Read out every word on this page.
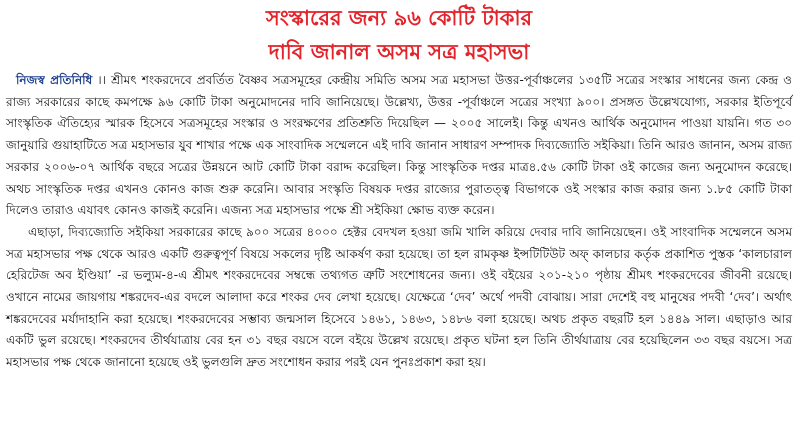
সংস্কারের জন্য ৯৬ কোটি টাকার
দাবি জানাল অসম সত্র মহাসভা

নিজস্ব প্রতিনিধি ।। শ্রীমৎ শংকরদেবে প্রবর্তিত বৈষ্ণব সত্রসমূহের কেন্দ্রীয় সমিতি অসম সত্র মহাসভা উত্তর-পূর্বাঞ্চলের ১৩৫টি সত্রের সংস্কার সাধনের জন্য কেন্দ্র ও রাজ্য সরকারের কাছে কমপক্ষে ৯৬ কোটি টাকা অনুমোদনের দাবি জানিয়েছে। উল্লেখ্য, উত্তর -পূর্বাঞ্চলে সত্রের সংখ্যা ৯০০। প্রসঙ্গত উল্লেখযোগ্য, সরকার ইতিপূর্বে সাংস্কৃতিক ঐতিহ্যের স্মারক হিসেবে সত্রসমূহের সংস্কার ও সংরক্ষণের প্রতিশ্রুতি দিয়েছিল — ২০০৫ সালেই। কিন্তু এখনও আর্থিক অনুমোদন পাওয়া যায়নি। গত ৩০ জানুয়ারি গুয়াহাটিতে সত্র মহাসভার যুব শাখার পক্ষে এক সাংবাদিক সম্মেলনে এই দাবি জানান সাধারণ সম্পাদক দিব্যজ্যোতি সইকিয়া। তিনি আরও জানান, অসম রাজ্য সরকার ২০০৬-০৭ আর্থিক বছরে সত্রের উন্নয়নে আট কোটি টাকা বরাদ্দ করেছিল। কিন্তু সাংস্কৃতিক দপ্তর মাত্র৪.৫৬ কোটি টাকা ওই কাজের জন্য অনুমোদন করেছে। অথচ সাংস্কৃতিক দপ্তর এখনও কোনও কাজ শুরু করেনি। আবার সংস্কৃতি বিষয়ক দপ্তর রাজ্যের পুরাতত্ত্ব বিভাগকে ওই সংস্কার কাজ করার জন্য ১.৮৫ কোটি টাকা দিলেও তারাও এযাবৎ কোনও কাজই করেনি। এজন্য সত্র মহাসভার পক্ষে শ্রী সইকিয়া ক্ষোভ ব্যক্ত করেন।

এছাড়া, দিব্যজ্যোতি সইকিয়া সরকারের কাছে ৯০০ সত্রের ৪০০০ হেক্টর বেদখল হওয়া জমি খালি করিয়ে দেবার দাবি জানিয়েছেন। ওই সাংবাদিক সম্মেলনে অসম সত্র মহাসভার পক্ষ থেকে আরও একটি গুরুত্বপূর্ণ বিষয়ে সকলের দৃষ্টি আকর্ষণ করা হয়েছে। তা হল রামকৃষ্ণ ইন্সটিটিউট অফ্ কালচার কর্তৃক প্রকাশিত পুস্তক ‘কালচারাল হেরিটেজ অব ইণ্ডিয়া’ -র ভল্যুম-৪-এ শ্রীমৎ শংকরদেবের সম্বন্ধে তথ্যগত ত্রুটি সংশোধনের জন্য। ওই বইয়ের ২০১-২১০ পৃষ্ঠায় শ্রীমৎ শংকরদেবের জীবনী রয়েছে। ওখানে নামের জায়গায় শঙ্করদেব-এর বদলে আলাদা করে শংকর দেব লেখা হয়েছে। যেক্ষেত্রে ‘দেব’ অর্থে পদবী বোঝায়। সারা দেশেই বহু মানুষের পদবী ‘দেব’। অর্থাৎ শঙ্করদেবের মর্যাদাহানি করা হয়েছে। শংকরদেবের সম্ভাব্য জন্মসাল হিসেবে ১৪৬১, ১৪৬৩, ১৪৮৬ বলা হয়েছে। অথচ প্রকৃত বছরটি হল ১৪৪৯ সাল। এছাড়াও আর একটি ভুল রয়েছে। শংকরদেব তীর্থযাত্রায় বের হন ৩১ বছর বয়সে বলে বইয়ে উল্লেখ রয়েছে। প্রকৃত ঘটনা হল তিনি তীর্থযাত্রায় বের হয়েছিলেন ৩৩ বছর বয়সে। সত্র মহাসভার পক্ষ থেকে জানানো হয়েছে ওই ভুলগুলি দ্রুত সংশোধন করার পরই যেন পুনঃপ্রকাশ করা হয়।
